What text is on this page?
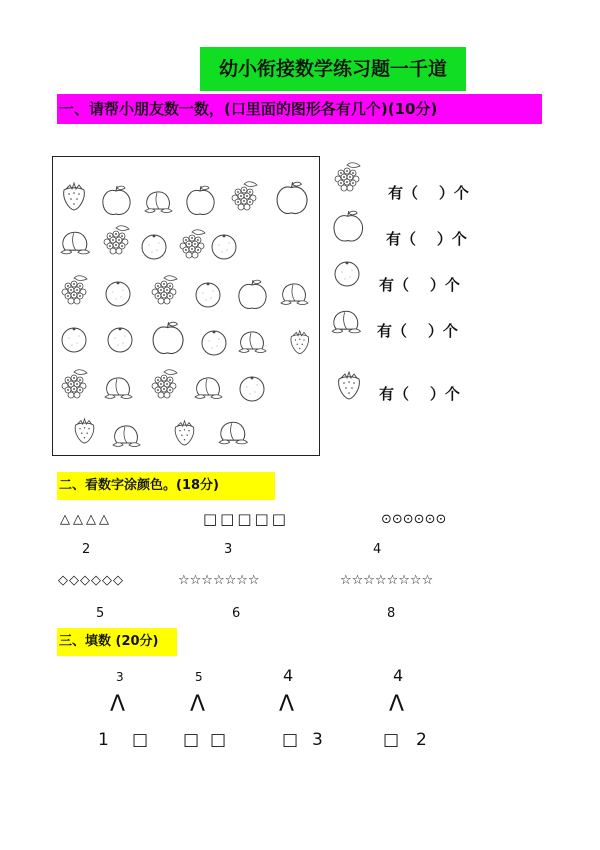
幼小衔接数学练习题一千道
一、请帮小朋友数一数，(口里面的图形各有几个)(10分)
有（    ）个
有（    ）个
有（    ）个
有（    ）个
有（    ）个
二、看数字涂颜色。(18分)
△△△△
2
□□□□□
3
⊙⊙⊙⊙⊙⊙
4
◇◇◇◇◇◇
5
☆☆☆☆☆☆☆
6
☆☆☆☆☆☆☆☆
8
三、填数 (20分)
3
Λ
1 □
5
Λ
□ □
4
Λ
□ 3
4
Λ
□ 2
